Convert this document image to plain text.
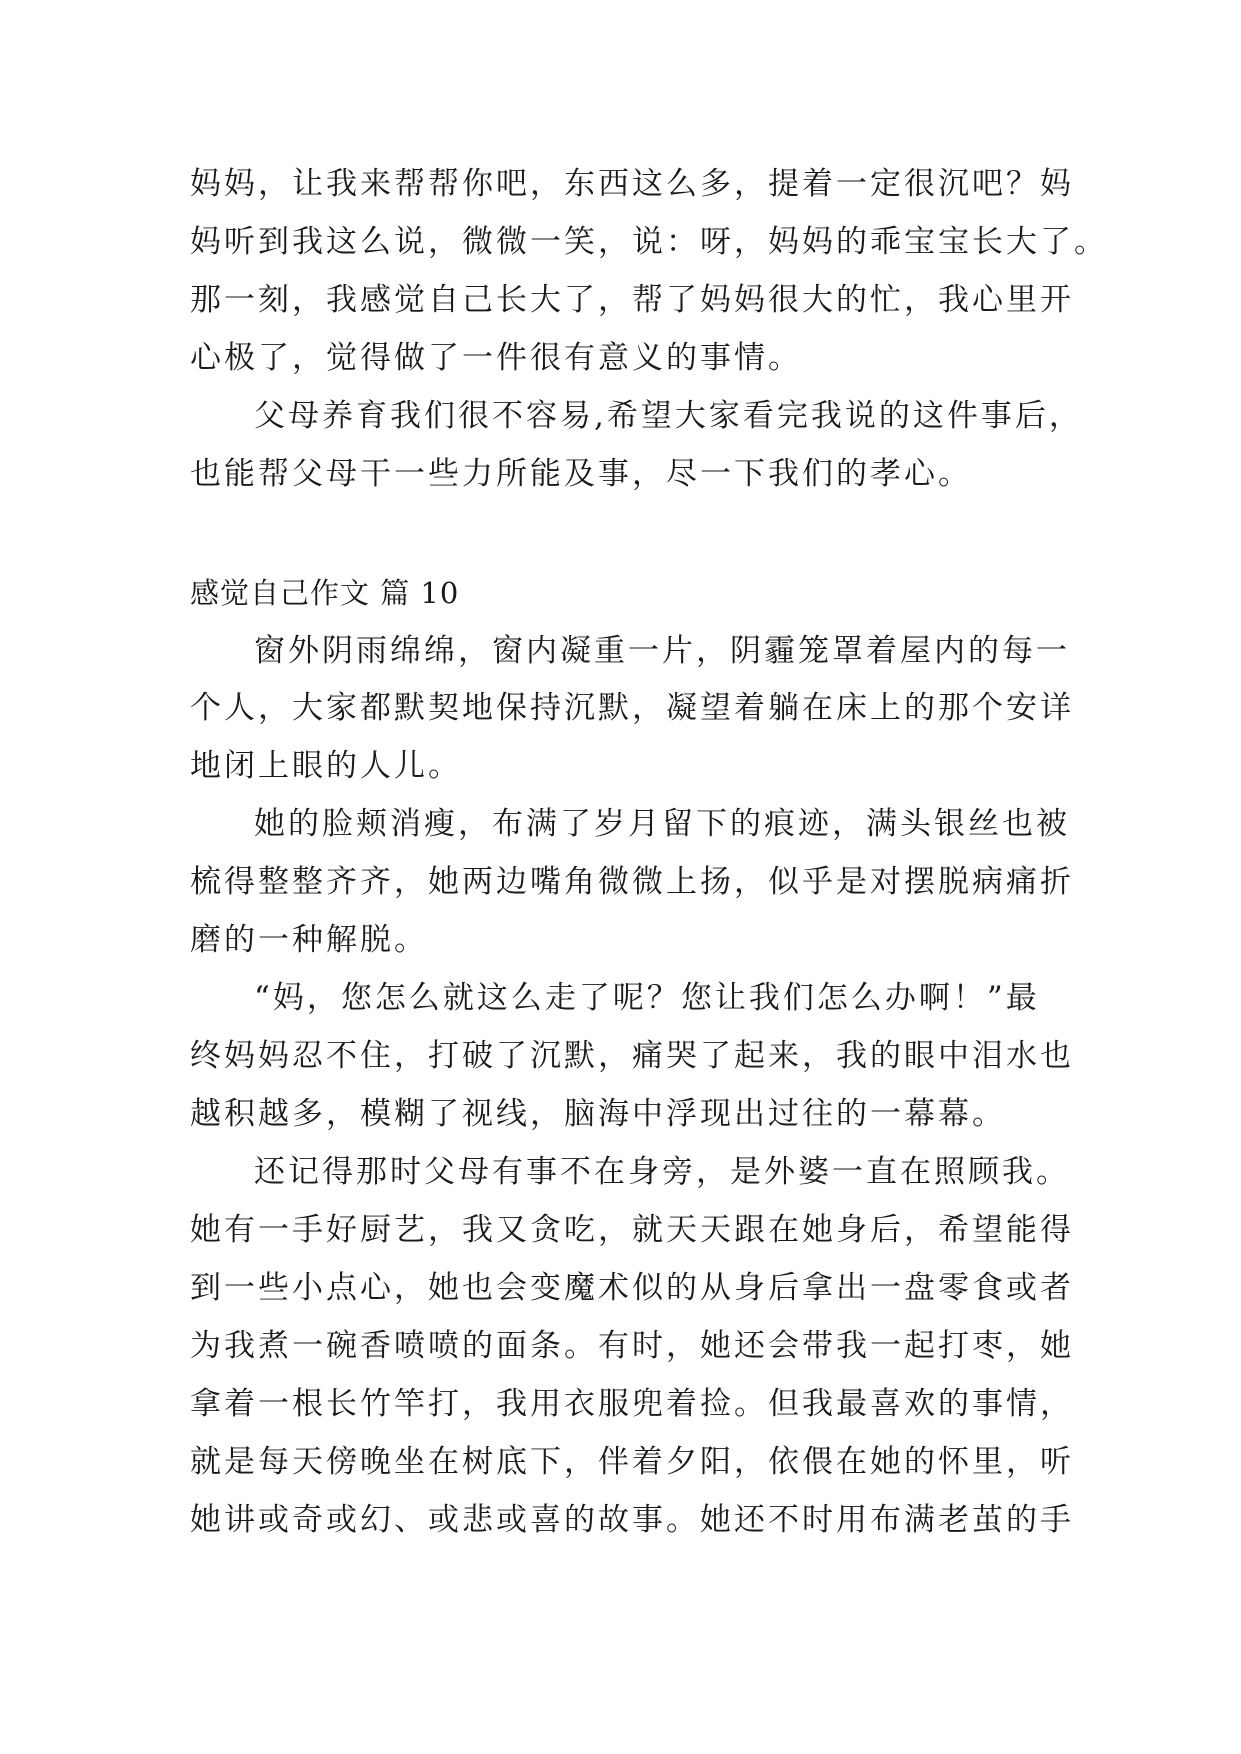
妈妈，让我来帮帮你吧，东西这么多，提着一定很沉吧？妈

妈听到我这么说，微微一笑，说：呀，妈妈的乖宝宝长大了。

那一刻，我感觉自己长大了，帮了妈妈很大的忙，我心里开

心极了，觉得做了一件很有意义的事情。

父母养育我们很不容易,希望大家看完我说的这件事后，

也能帮父母干一些力所能及事，尽一下我们的孝心。

感觉自己作文 篇 10

窗外阴雨绵绵，窗内凝重一片，阴霾笼罩着屋内的每一

个人，大家都默契地保持沉默，凝望着躺在床上的那个安详

地闭上眼的人儿。

她的脸颊消瘦，布满了岁月留下的痕迹，满头银丝也被

梳得整整齐齐，她两边嘴角微微上扬，似乎是对摆脱病痛折

磨的一种解脱。

“妈，您怎么就这么走了呢？您让我们怎么办啊！”最

终妈妈忍不住，打破了沉默，痛哭了起来，我的眼中泪水也

越积越多，模糊了视线，脑海中浮现出过往的一幕幕。

还记得那时父母有事不在身旁，是外婆一直在照顾我。

她有一手好厨艺，我又贪吃，就天天跟在她身后，希望能得

到一些小点心，她也会变魔术似的从身后拿出一盘零食或者

为我煮一碗香喷喷的面条。有时，她还会带我一起打枣，她

拿着一根长竹竿打，我用衣服兜着捡。但我最喜欢的事情，

就是每天傍晚坐在树底下，伴着夕阳，依偎在她的怀里，听

她讲或奇或幻、或悲或喜的故事。她还不时用布满老茧的手
